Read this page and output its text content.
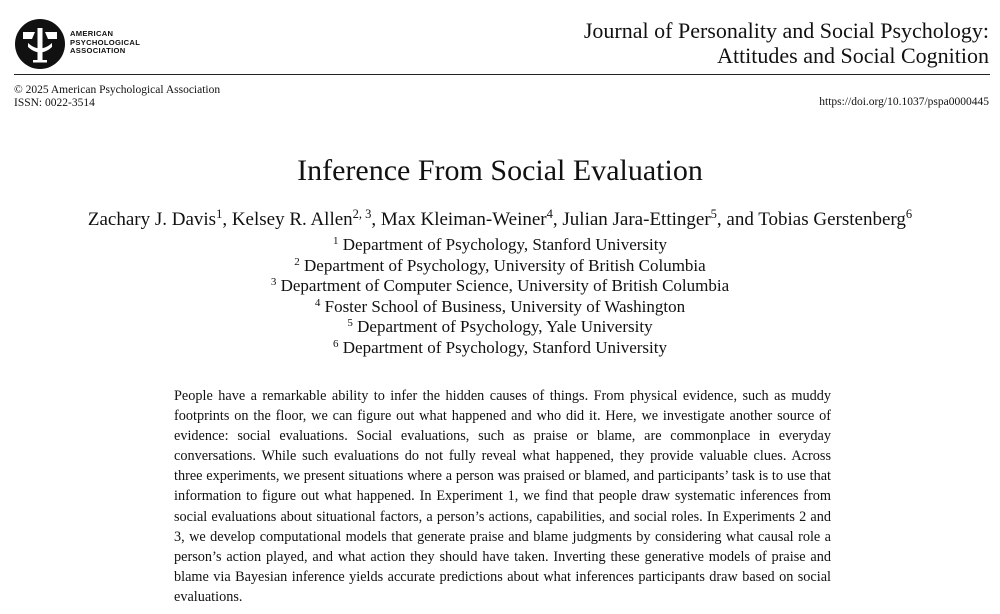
AMERICAN
PSYCHOLOGICAL
ASSOCIATION
Journal of Personality and Social Psychology:
Attitudes and Social Cognition
© 2025 American Psychological Association
ISSN: 0022-3514	https://doi.org/10.1037/pspa0000445
Inference From Social Evaluation
Zachary J. Davis$^1$, Kelsey R. Allen$^{2, 3}$, Max Kleiman-Weiner$^4$, Julian Jara-Ettinger$^5$, and Tobias Gerstenberg$^6$
$^1$ Department of Psychology, Stanford University
$^2$ Department of Psychology, University of British Columbia
$^3$ Department of Computer Science, University of British Columbia
$^4$ Foster School of Business, University of Washington
$^5$ Department of Psychology, Yale University
$^6$ Department of Psychology, Stanford University

People have a remarkable ability to infer the hidden causes of things. From physical evidence, such as muddy footprints on the floor, we can figure out what happened and who did it. Here, we investigate another source of evidence: social evaluations. Social evaluations, such as praise or blame, are commonplace in everyday conversations. While such evaluations do not fully reveal what happened, they provide valuable clues. Across three experiments, we present situations where a person was praised or blamed, and participants’ task is to use that information to figure out what happened. In Experiment 1, we find that people draw systematic inferences from social evaluations about situational factors, a person’s actions, capabilities, and social roles. In Experiments 2 and 3, we develop computational models that generate praise and blame judgments by considering what causal role a person’s action played, and what action they should have taken. Inverting these generative models of praise and blame via Bayesian inference yields accurate predictions about what inferences participants draw based on social evaluations.
